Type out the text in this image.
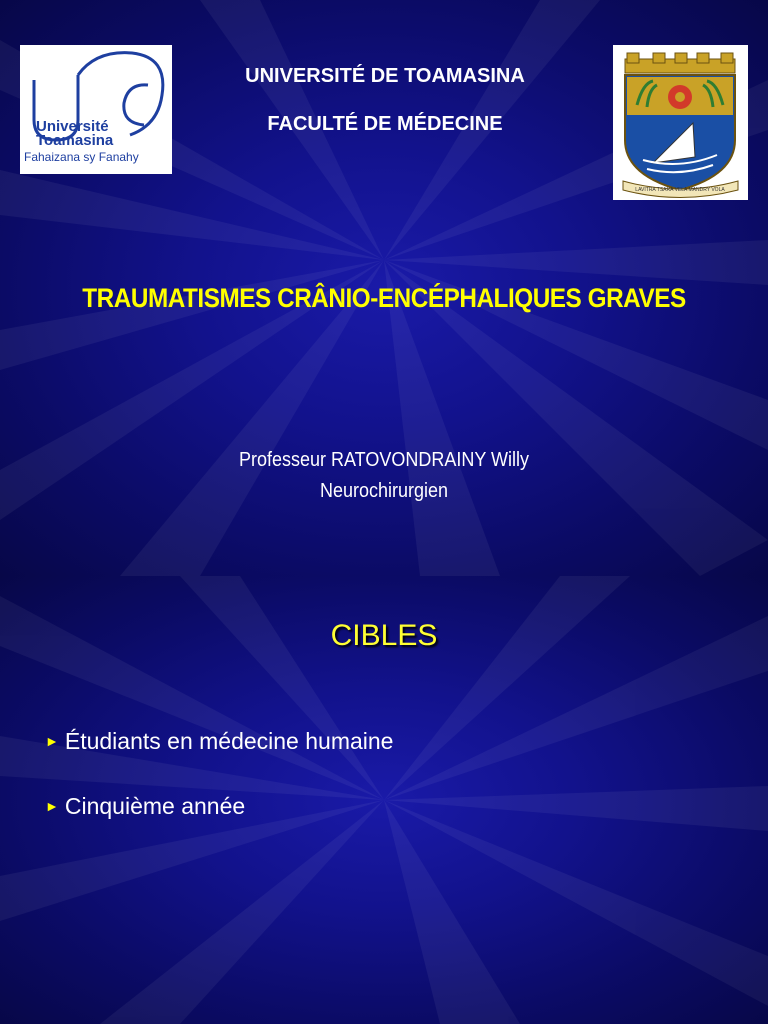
Université
Toamasina
Fahaizana sy Fanahy
UNIVERSITÉ DE TOAMASINA
FACULTÉ DE MÉDECINE
LAVITRA TSARA VELA MANDRY VOLA
TRAUMATISMES CRÂNIO-ENCÉPHALIQUES GRAVES
Professeur RATOVONDRAINY Willy
Neurochirurgien
CIBLES
► Étudiants en médecine humaine
► Cinquième année
